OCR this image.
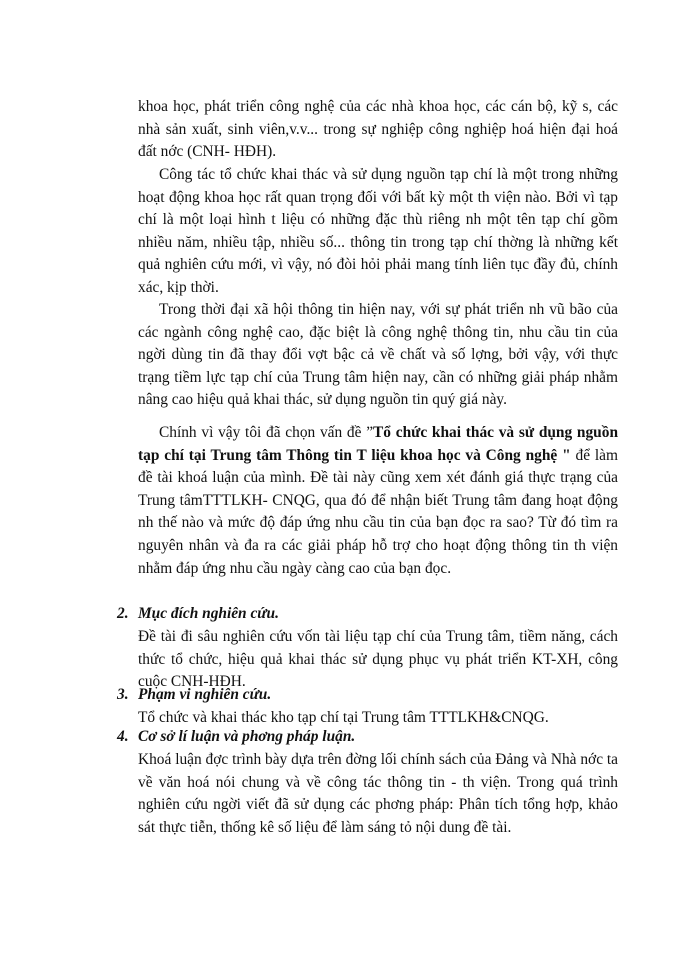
khoa học, phát triển công nghệ của các nhà khoa học, các cán bộ, kỹ s, các nhà sản xuất, sinh viên,v.v... trong sự nghiệp công nghiệp hoá hiện đại hoá đất nớc (CNH- HĐH).

Công tác tổ chức khai thác và sử dụng nguồn tạp chí là một trong những hoạt động khoa học rất quan trọng đối với bất kỳ một th viện nào. Bởi vì tạp chí là một loại hình t liệu có những đặc thù riêng nh một tên tạp chí gồm nhiều năm, nhiều tập, nhiều số... thông tin trong tạp chí thờng là những kết quả nghiên cứu mới, vì vậy, nó đòi hỏi phải mang tính liên tục đầy đủ, chính xác, kịp thời.

Trong thời đại xã hội thông tin hiện nay, với sự phát triển nh vũ bão của các ngành công nghệ cao, đặc biệt là công nghệ thông tin, nhu cầu tin của ngời dùng tin đã thay đổi vợt bậc cả về chất và số lợng, bởi vậy, với thực trạng tiềm lực tạp chí của Trung tâm hiện nay, cần có những giải pháp nhằm nâng cao hiệu quả khai thác, sử dụng nguồn tin quý giá này.

Chính vì vậy tôi đã chọn vấn đề ”Tổ chức khai thác và sử dụng nguồn tạp chí tại Trung tâm Thông tin T liệu khoa học và Công nghệ " để làm đề tài khoá luận của mình. Đề tài này cũng xem xét đánh giá thực trạng của Trung tâmTTTLKH- CNQG, qua đó để nhận biết Trung tâm đang hoạt động nh thế nào và mức độ đáp ứng nhu cầu tin của bạn đọc ra sao? Từ đó tìm ra nguyên nhân và đa ra các giải pháp hỗ trợ cho hoạt động thông tin th viện nhằm đáp ứng nhu cầu ngày càng cao của bạn đọc.

2. Mục đích nghiên cứu.

Đề tài đi sâu nghiên cứu vốn tài liệu tạp chí của Trung tâm, tiềm năng, cách thức tổ chức, hiệu quả khai thác sử dụng phục vụ phát triển KT-XH, công cuộc CNH-HĐH.

3. Phạm vi nghiên cứu.

Tổ chức và khai thác kho tạp chí tại Trung tâm TTTLKH&CNQG.

4. Cơ sở lí luận và phơng pháp luận.

Khoá luận đợc trình bày dựa trên đờng lối chính sách của Đảng và Nhà nớc ta về văn hoá nói chung và về công tác thông tin - th viện. Trong quá trình nghiên cứu ngời viết đã sử dụng các phơng pháp: Phân tích tổng hợp, khảo sát thực tiễn, thống kê số liệu để làm sáng tỏ nội dung đề tài.
